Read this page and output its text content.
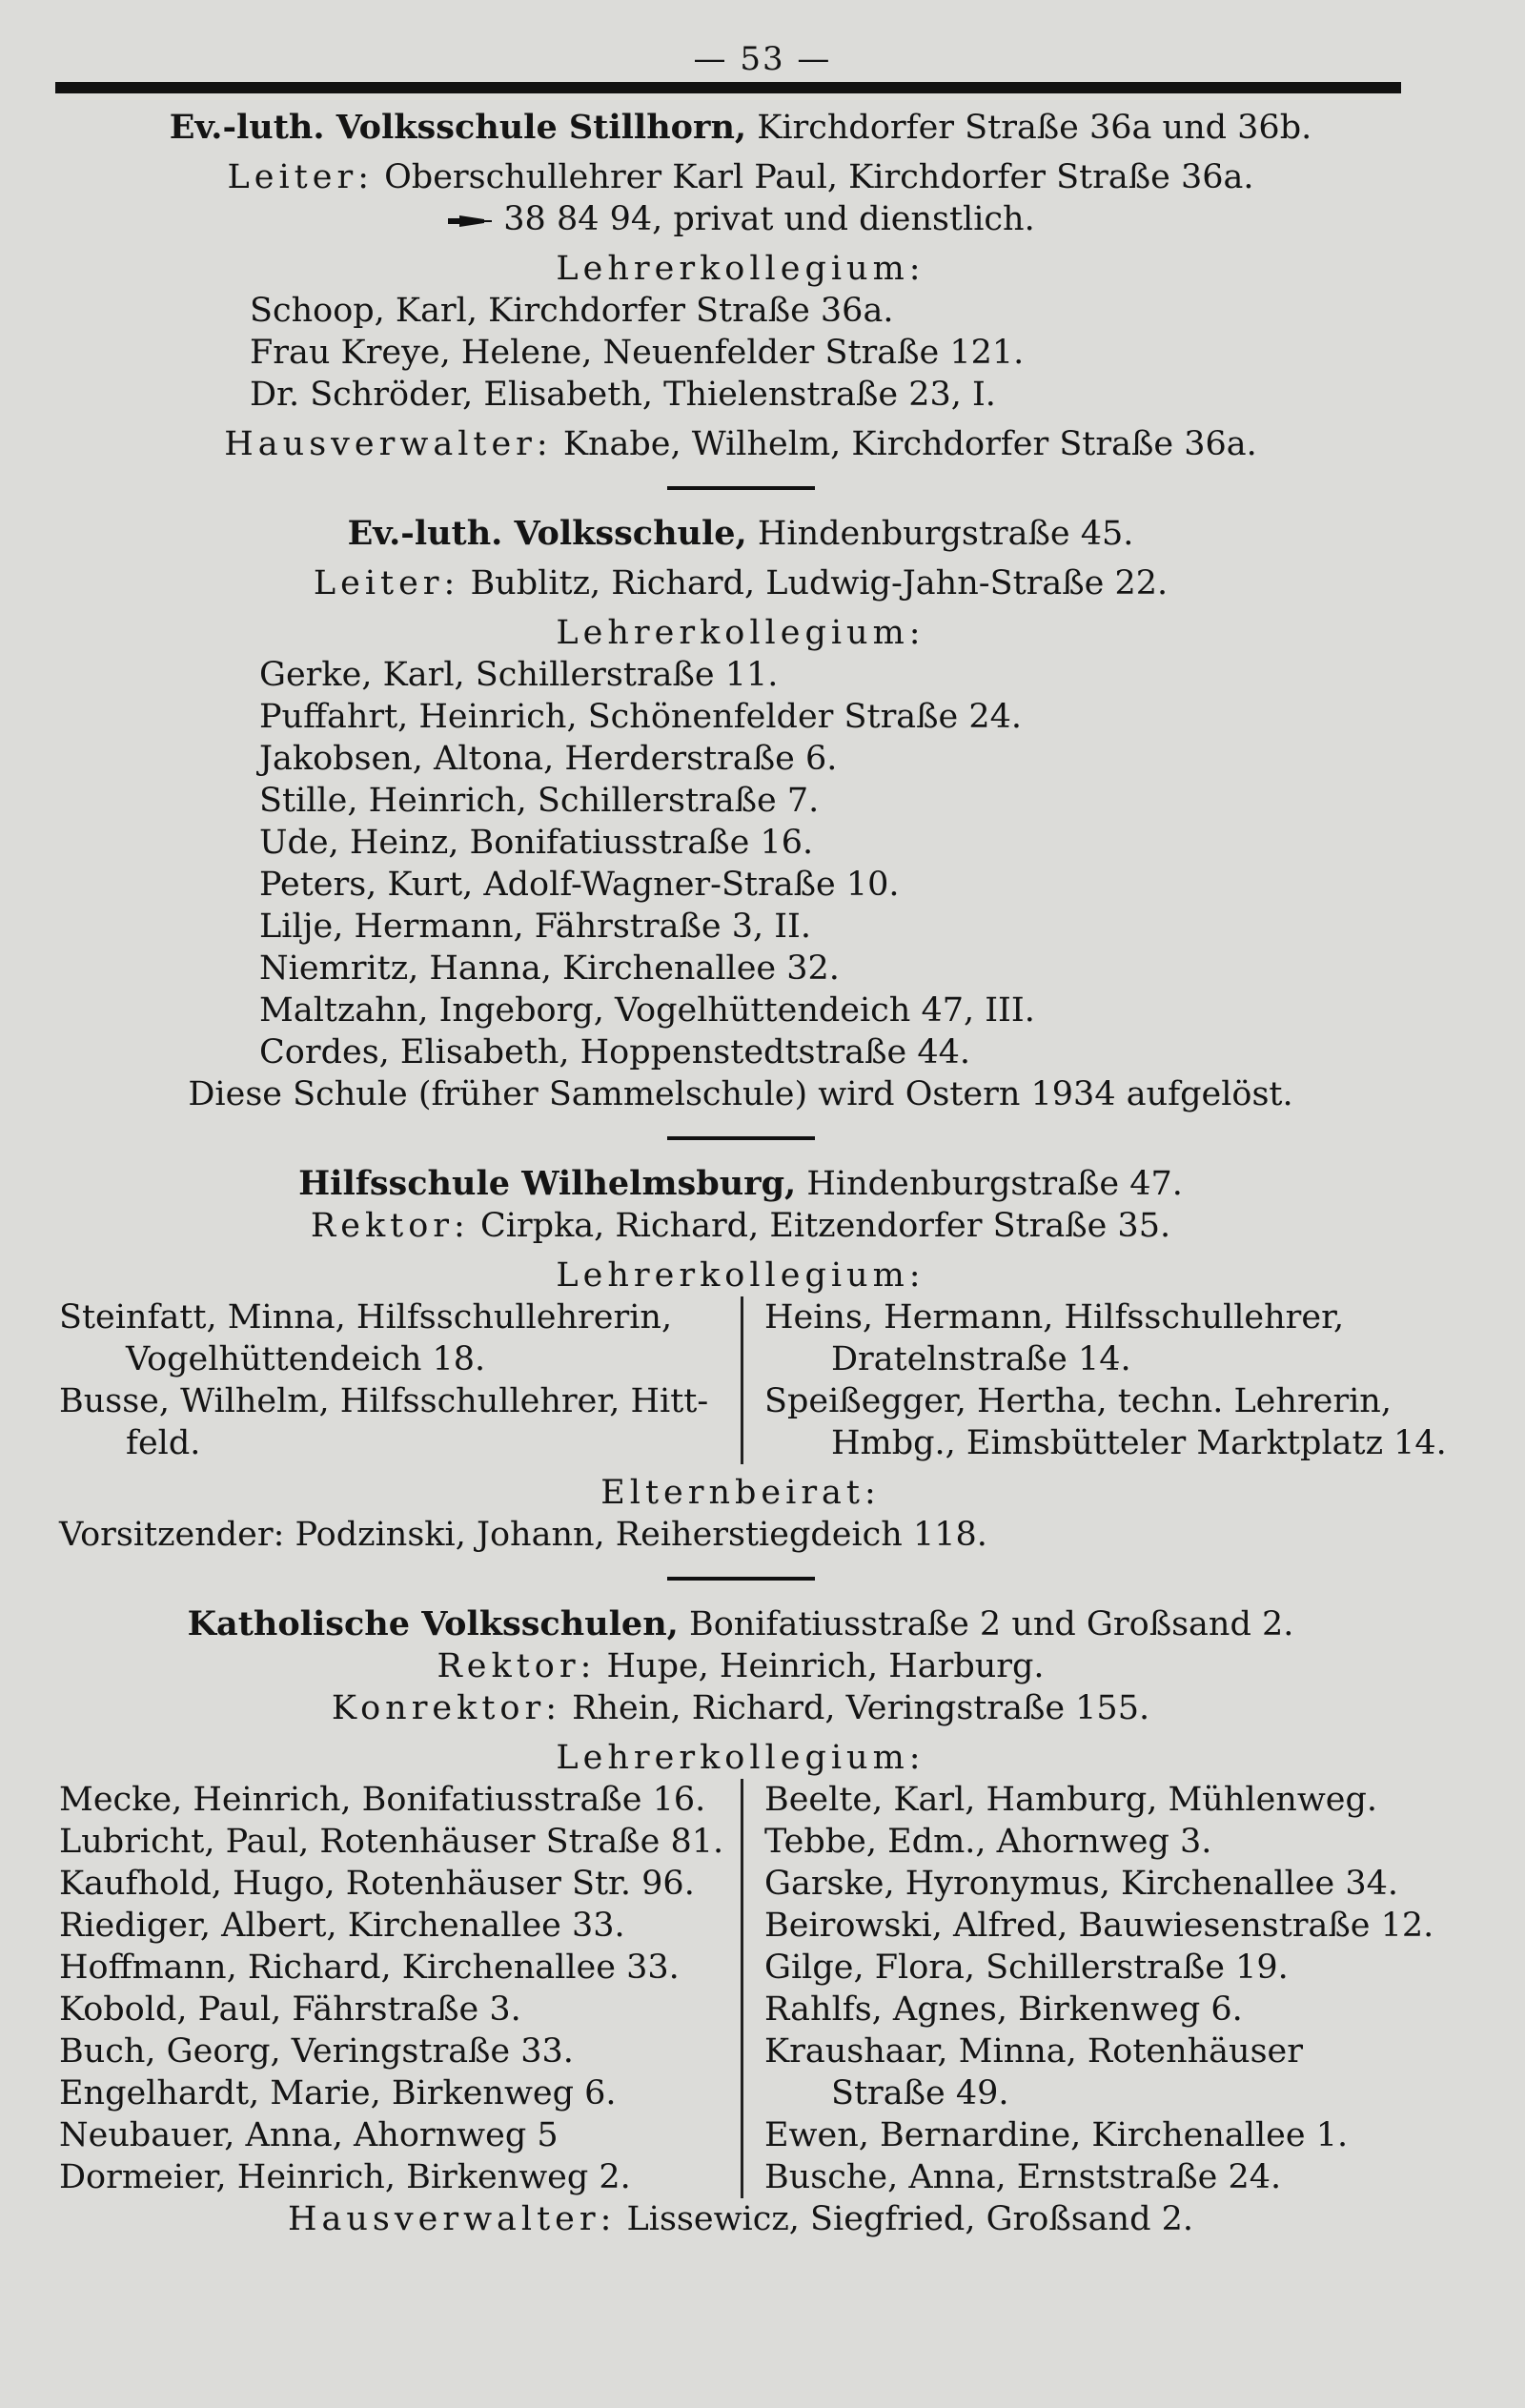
— 53 —
Ev.-luth. Volksschule Stillhorn, Kirchdorfer Straße 36a und 36b.
Leiter: Oberschullehrer Karl Paul, Kirchdorfer Straße 36a.
38 84 94, privat und dienstlich.
Lehrerkollegium:
Schoop, Karl, Kirchdorfer Straße 36a.
Frau Kreye, Helene, Neuenfelder Straße 121.
Dr. Schröder, Elisabeth, Thielenstraße 23, I.
Hausverwalter: Knabe, Wilhelm, Kirchdorfer Straße 36a.
Ev.-luth. Volksschule, Hindenburgstraße 45.
Leiter: Bublitz, Richard, Ludwig-Jahn-Straße 22.
Lehrerkollegium:
Gerke, Karl, Schillerstraße 11.
Puffahrt, Heinrich, Schönenfelder Straße 24.
Jakobsen, Altona, Herderstraße 6.
Stille, Heinrich, Schillerstraße 7.
Ude, Heinz, Bonifatiusstraße 16.
Peters, Kurt, Adolf-Wagner-Straße 10.
Lilje, Hermann, Fährstraße 3, II.
Niemritz, Hanna, Kirchenallee 32.
Maltzahn, Ingeborg, Vogelhüttendeich 47, III.
Cordes, Elisabeth, Hoppenstedtstraße 44.
Diese Schule (früher Sammelschule) wird Ostern 1934 aufgelöst.
Hilfsschule Wilhelmsburg, Hindenburgstraße 47.
Rektor: Cirpka, Richard, Eitzendorfer Straße 35.
Lehrerkollegium:
Steinfatt, Minna, Hilfsschullehrerin,
Vogelhüttendeich 18.
Busse, Wilhelm, Hilfsschullehrer, Hitt-
feld.
Heins, Hermann, Hilfsschullehrer,
Dratelnstraße 14.
Speißegger, Hertha, techn. Lehrerin,
Hmbg., Eimsbütteler Marktplatz 14.
Elternbeirat:
Vorsitzender: Podzinski, Johann, Reiherstiegdeich 118.
Katholische Volksschulen, Bonifatiusstraße 2 und Großsand 2.
Rektor: Hupe, Heinrich, Harburg.
Konrektor: Rhein, Richard, Veringstraße 155.
Lehrerkollegium:
Mecke, Heinrich, Bonifatiusstraße 16.
Lubricht, Paul, Rotenhäuser Straße 81.
Kaufhold, Hugo, Rotenhäuser Str. 96.
Riediger, Albert, Kirchenallee 33.
Hoffmann, Richard, Kirchenallee 33.
Kobold, Paul, Fährstraße 3.
Buch, Georg, Veringstraße 33.
Engelhardt, Marie, Birkenweg 6.
Neubauer, Anna, Ahornweg 5
Dormeier, Heinrich, Birkenweg 2.
Beelte, Karl, Hamburg, Mühlenweg.
Tebbe, Edm., Ahornweg 3.
Garske, Hyronymus, Kirchenallee 34.
Beirowski, Alfred, Bauwiesenstraße 12.
Gilge, Flora, Schillerstraße 19.
Rahlfs, Agnes, Birkenweg 6.
Kraushaar, Minna, Rotenhäuser
Straße 49.
Ewen, Bernardine, Kirchenallee 1.
Busche, Anna, Ernststraße 24.
Hausverwalter: Lissewicz, Siegfried, Großsand 2.
